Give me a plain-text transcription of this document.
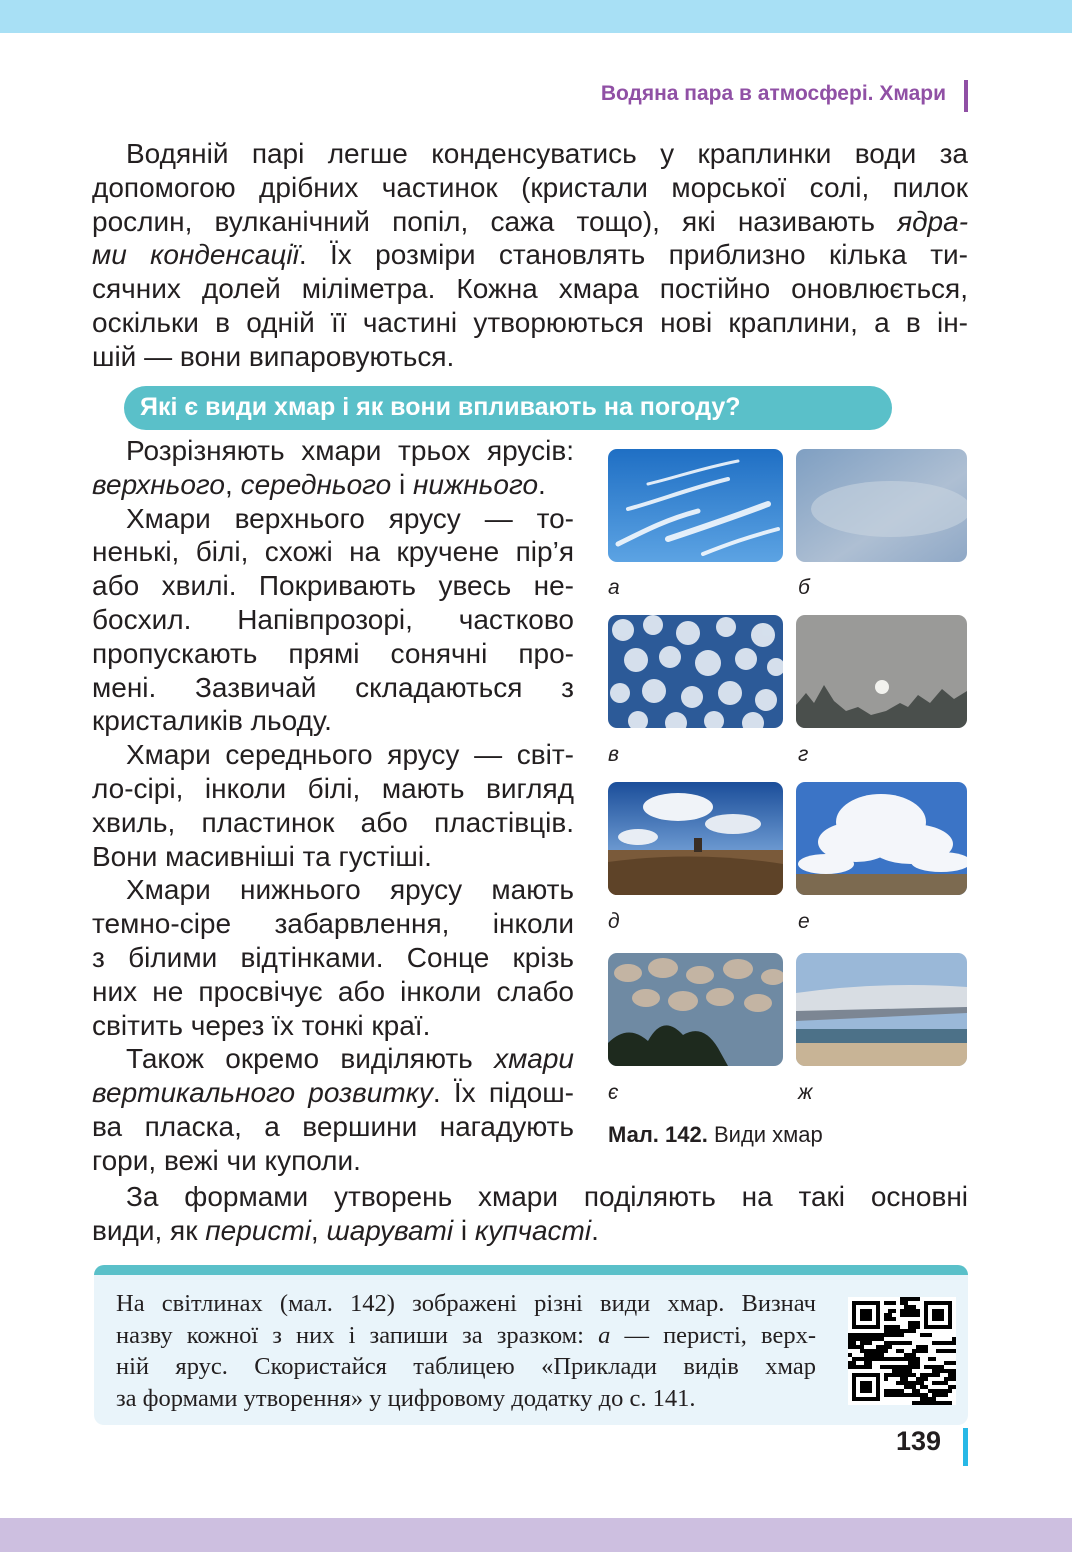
Водяна пара в атмосфері. Хмари
Водяній парі легше конденсуватись у краплинки води за
допомогою дрібних частинок (кристали морської солі, пилок
рослин, вулканічний попіл, сажа тощо), які називають ядра-
ми конденсації. Їх розміри становлять приблизно кілька ти-
сячних долей міліметра. Кожна хмара постійно оновлюється,
оскільки в одній її частині утворюються нові краплини, а в ін-
шій — вони випаровуються.
Які є види хмар і як вони впливають на погоду?
Розрізняють хмари трьох ярусів:
верхнього, середнього і нижнього.
Хмари верхнього ярусу — то-
ненькі, білі, схожі на кручене пір’я
або хвилі. Покривають увесь не-
босхил. Напівпрозорі, частково
пропускають прямі сонячні про-
мені. Зазвичай складаються з
кристаликів льоду.
Хмари середнього ярусу — світ-
ло-сірі, інколи білі, мають вигляд
хвиль, пластинок або пластівців.
Вони масивніші та густіші.
Хмари нижнього ярусу мають
темно-сіре забарвлення, інколи
з білими відтінками. Сонце крізь
них не просвічує або інколи слабо
світить через їх тонкі краї.
Також окремо виділяють хмари
вертикального розвитку. Їх підош-
ва пласка, а вершини нагадують
гори, вежі чи куполи.
а	б
в	г
д	е
є	ж
Мал. 142. Види хмар
За формами утворень хмари поділяють на такі основні
види, як перисті, шаруваті і купчасті.
На світлинах (мал. 142) зображені різні види хмар. Визнач
назву кожної з них і запиши за зразком: а — перисті, верх-
ній ярус. Скористайся таблицею «Приклади видів хмар
за формами утворення» у цифровому додатку до с. 141.
139
